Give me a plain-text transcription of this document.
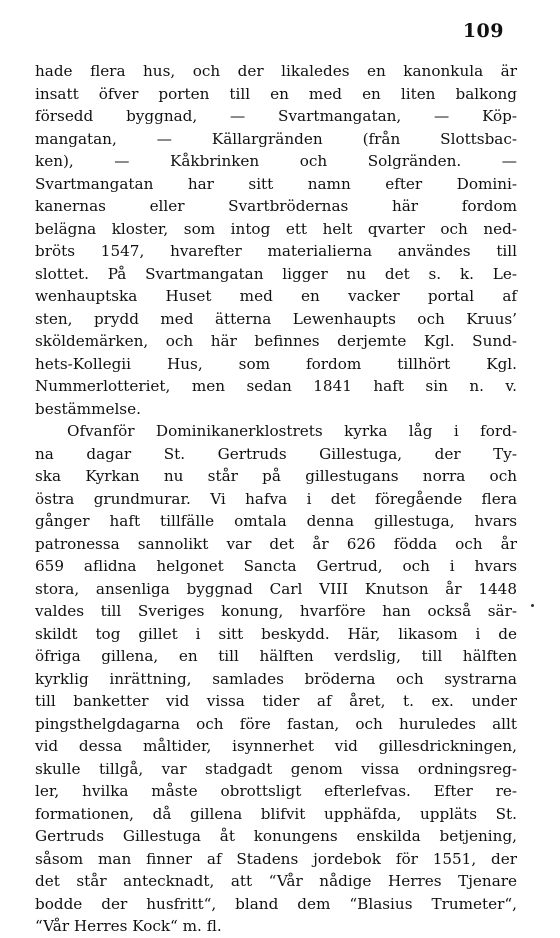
109
hade flera hus, och der likaledes en kanonkula är
insatt öfver porten till en med en liten balkong
försedd byggnad, — Svartmangatan, — Köp-
mangatan, — Källargränden (från Slottsbac-
ken), — Kåkbrinken och Solgränden. —
Svartmangatan har sitt namn efter Domini-
kanernas eller Svartbrödernas här fordom
belägna kloster, som intog ett helt qvarter och ned-
bröts 1547, hvarefter materialierna användes till
slottet. På Svartmangatan ligger nu det s. k. Le-
wenhauptska Huset med en vacker portal af
sten, prydd med ätterna Lewenhaupts och Kruus’
sköldemärken, och här befinnes derjemte Kgl. Sund-
hets-Kollegii Hus, som fordom tillhört Kgl.
Nummerlotteriet, men sedan 1841 haft sin n. v.
bestämmelse.
Ofvanför Dominikanerklostrets kyrka låg i ford-
na dagar St. Gertruds Gillestuga, der Ty-
ska Kyrkan nu står på gillestugans norra och
östra grundmurar. Vi hafva i det föregående flera
gånger haft tillfälle omtala denna gillestuga, hvars
patronessa sannolikt var det år 626 födda och år
659 aflidna helgonet Sancta Gertrud, och i hvars
stora, ansenliga byggnad Carl VIII Knutson år 1448
valdes till Sveriges konung, hvarföre han också sär-
skildt tog gillet i sitt beskydd. Här, likasom i de
öfriga gillena, en till hälften verdslig, till hälften
kyrklig inrättning, samlades bröderna och systrarna
till banketter vid vissa tider af året, t. ex. under
pingsthelgdagarna och före fastan, och huruledes allt
vid dessa måltider, isynnerhet vid gillesdrickningen,
skulle tillgå, var stadgadt genom vissa ordningsreg-
ler, hvilka måste obrottsligt efterlefvas. Efter re-
formationen, då gillena blifvit upphäfda, uppläts St.
Gertruds Gillestuga åt konungens enskilda betjening,
såsom man finner af Stadens jordebok för 1551, der
det står antecknadt, att “Vår nådige Herres Tjenare
bodde der husfritt“, bland dem “Blasius Trumeter“,
“Vår Herres Kock“ m. fl.
